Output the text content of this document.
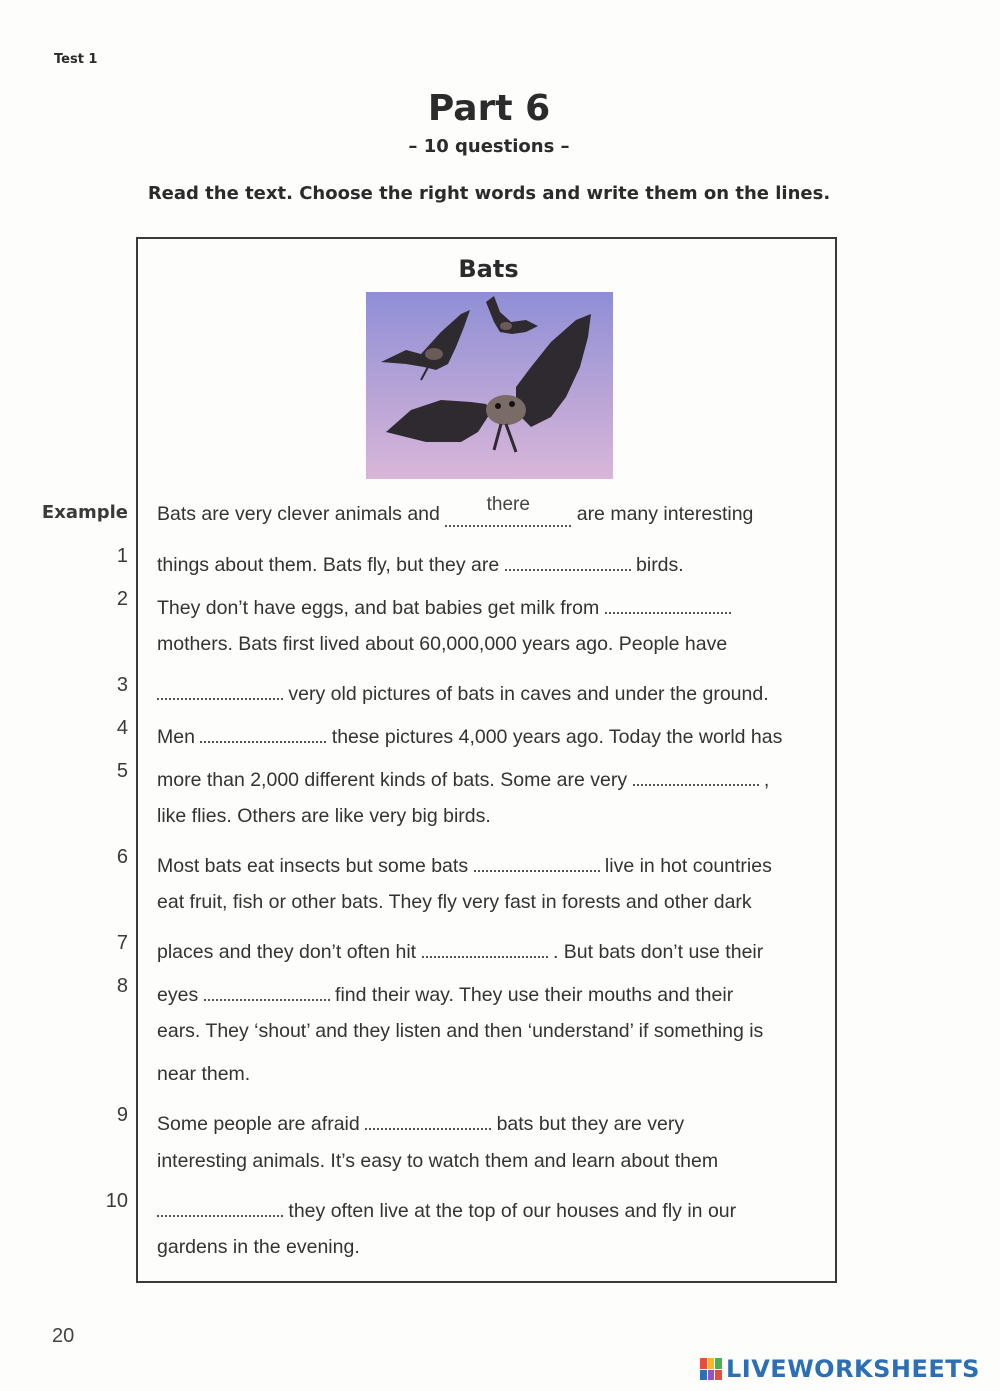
Test 1
Part 6
– 10 questions –
Read the text. Choose the right words and write them on the lines.
Bats
Example
1
2
3
4
5
6
7
8
9
10
Bats are very clever animals and there are many interesting
things about them. Bats fly, but they are	birds.
They don’t have eggs, and bat babies get milk from
mothers. Bats first lived about 60,000,000 years ago. People have
very old pictures of bats in caves and under the ground.
Men	these pictures 4,000 years ago. Today the world has
more than 2,000 different kinds of bats. Some are very	,
like flies. Others are like very big birds.
Most bats eat insects but some bats	live in hot countries
eat fruit, fish or other bats. They fly very fast in forests and other dark
places and they don’t often hit	. But bats don’t use their
eyes	find their way. They use their mouths and their
ears. They ‘shout’ and they listen and then ‘understand’ if something is
near them.
Some people are afraid	bats but they are very
interesting animals. It’s easy to watch them and learn about them
they often live at the top of our houses and fly in our
gardens in the evening.
20
LIVEWORKSHEETS
